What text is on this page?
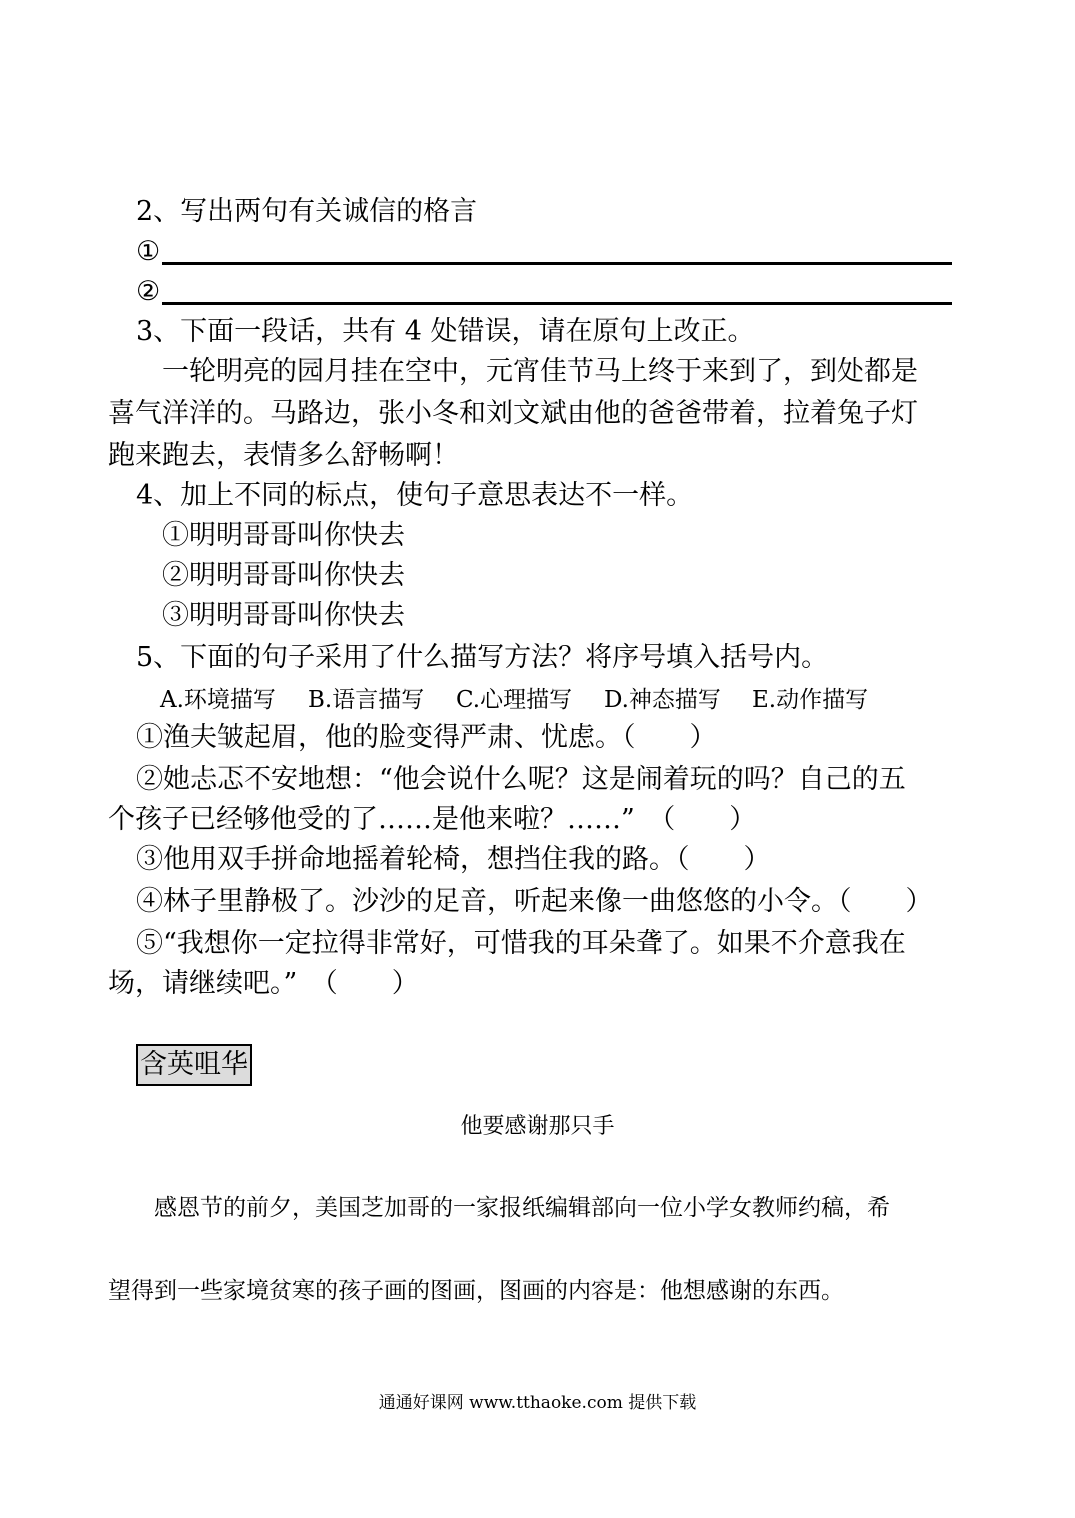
2、写出两句有关诚信的格言
①
②
3、下面一段话，共有 4 处错误，请在原句上改正。
一轮明亮的园月挂在空中，元宵佳节马上终于来到了，到处都是
喜气洋洋的。马路边，张小冬和刘文斌由他的爸爸带着，拉着兔子灯
跑来跑去，表情多么舒畅啊！
4、加上不同的标点，使句子意思表达不一样。
①明明哥哥叫你快去
②明明哥哥叫你快去
③明明哥哥叫你快去
5、下面的句子采用了什么描写方法？将序号填入括号内。
A.环境描写 B.语言描写 C.心理描写 D.神态描写 E.动作描写
①渔夫皱起眉，他的脸变得严肃、忧虑。（　　）
②她忐忑不安地想：“他会说什么呢？这是闹着玩的吗？自己的五
个孩子已经够他受的了……是他来啦？……”　（　　）
③他用双手拼命地摇着轮椅，想挡住我的路。（　　）
④林子里静极了。沙沙的足音，听起来像一曲悠悠的小令。（　　）
⑤“我想你一定拉得非常好，可惜我的耳朵聋了。如果不介意我在
场，请继续吧。”　（　　）
含英咀华
他要感谢那只手
感恩节的前夕，美国芝加哥的一家报纸编辑部向一位小学女教师约稿，希
望得到一些家境贫寒的孩子画的图画，图画的内容是：他想感谢的东西。
通通好课网 www.tthaoke.com 提供下载
